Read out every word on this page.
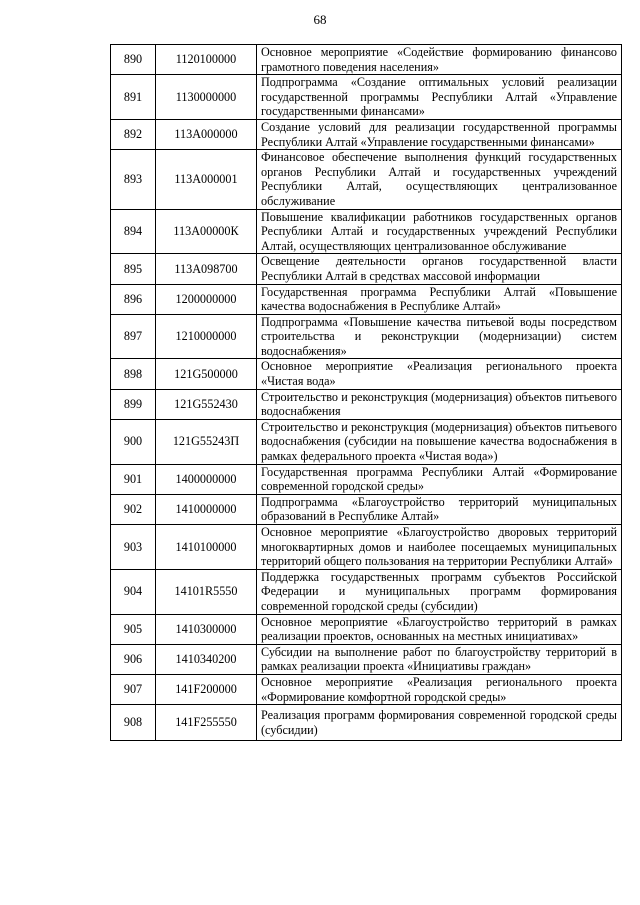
68
890	1120100000	Основное мероприятие «Содействие формированию финансово грамотного поведения населения»
891	1130000000	Подпрограмма «Создание оптимальных условий реализации государственной программы Республики Алтай «Управление государственными финансами»
892	113А000000	Создание условий для реализации государственной программы Республики Алтай «Управление государственными финансами»
893	113А000001	Финансовое обеспечение выполнения функций государственных органов Республики Алтай и государственных учреждений Республики Алтай, осуществляющих централизованное обслуживание
894	113А00000К	Повышение квалификации работников государственных органов Республики Алтай и государственных учреждений Республики Алтай, осуществляющих централизованное обслуживание
895	113А098700	Освещение деятельности органов государственной власти Республики Алтай в средствах массовой информации
896	1200000000	Государственная программа Республики Алтай «Повышение качества водоснабжения в Республике Алтай»
897	1210000000	Подпрограмма «Повышение качества питьевой воды посредством строительства и реконструкции (модернизации) систем водоснабжения»
898	121G500000	Основное мероприятие «Реализация регионального проекта «Чистая вода»
899	121G552430	Строительство и реконструкция (модернизация) объектов питьевого водоснабжения
900	121G55243П	Строительство и реконструкция (модернизация) объектов питьевого водоснабжения (субсидии на повышение качества водоснабжения в рамках федерального проекта «Чистая вода»)
901	1400000000	Государственная программа Республики Алтай «Формирование современной городской среды»
902	1410000000	Подпрограмма «Благоустройство территорий муниципальных образований в Республике Алтай»
903	1410100000	Основное мероприятие «Благоустройство дворовых территорий многоквартирных домов и наиболее посещаемых муниципальных территорий общего пользования на территории Республики Алтай»
904	14101R5550	Поддержка государственных программ субъектов Российской Федерации и муниципальных программ формирования современной городской среды (субсидии)
905	1410300000	Основное мероприятие «Благоустройство территорий в рамках реализации проектов, основанных на местных инициативах»
906	1410340200	Субсидии на выполнение работ по благоустройству территорий в рамках реализации проекта «Инициативы граждан»
907	141F200000	Основное мероприятие «Реализация регионального проекта «Формирование комфортной городской среды»
908	141F255550	Реализация программ формирования современной городской среды (субсидии)
